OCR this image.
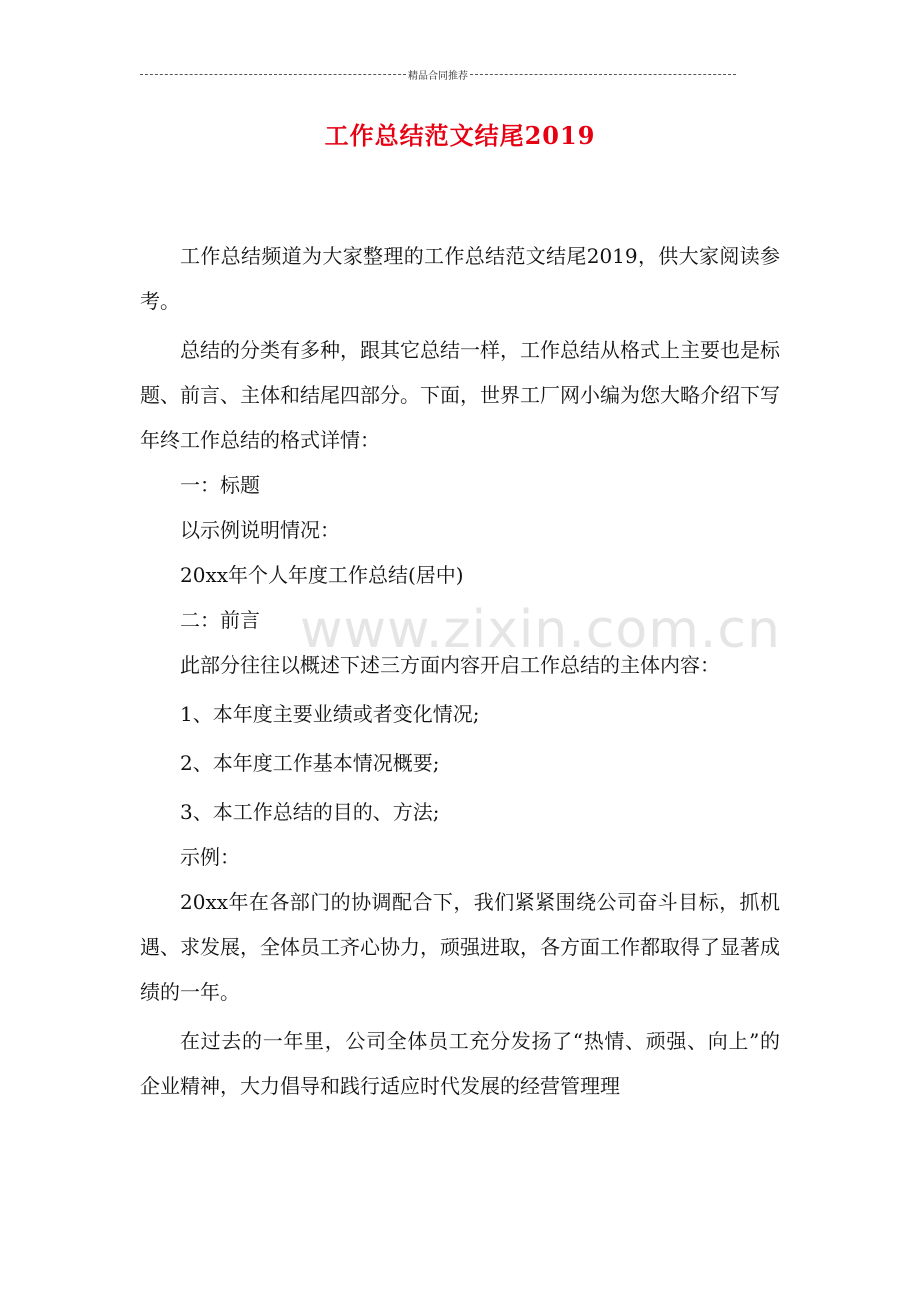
精品合同推荐
工作总结范文结尾2019

工作总结频道为大家整理的工作总结范文结尾2019，供大家阅读参考。

总结的分类有多种，跟其它总结一样，工作总结从格式上主要也是标题、前言、主体和结尾四部分。下面，世界工厂网小编为您大略介绍下写年终工作总结的格式详情：

一：标题

以示例说明情况：

20xx年个人年度工作总结(居中)

二：前言

此部分往往以概述下述三方面内容开启工作总结的主体内容：

1、本年度主要业绩或者变化情况;

2、本年度工作基本情况概要;

3、本工作总结的目的、方法;

示例：

20xx年在各部门的协调配合下，我们紧紧围绕公司奋斗目标，抓机遇、求发展，全体员工齐心协力，顽强进取，各方面工作都取得了显著成绩的一年。

在过去的一年里，公司全体员工充分发扬了“热情、顽强、向上”的企业精神，大力倡导和践行适应时代发展的经营管理理

www.zixin.com.cn
